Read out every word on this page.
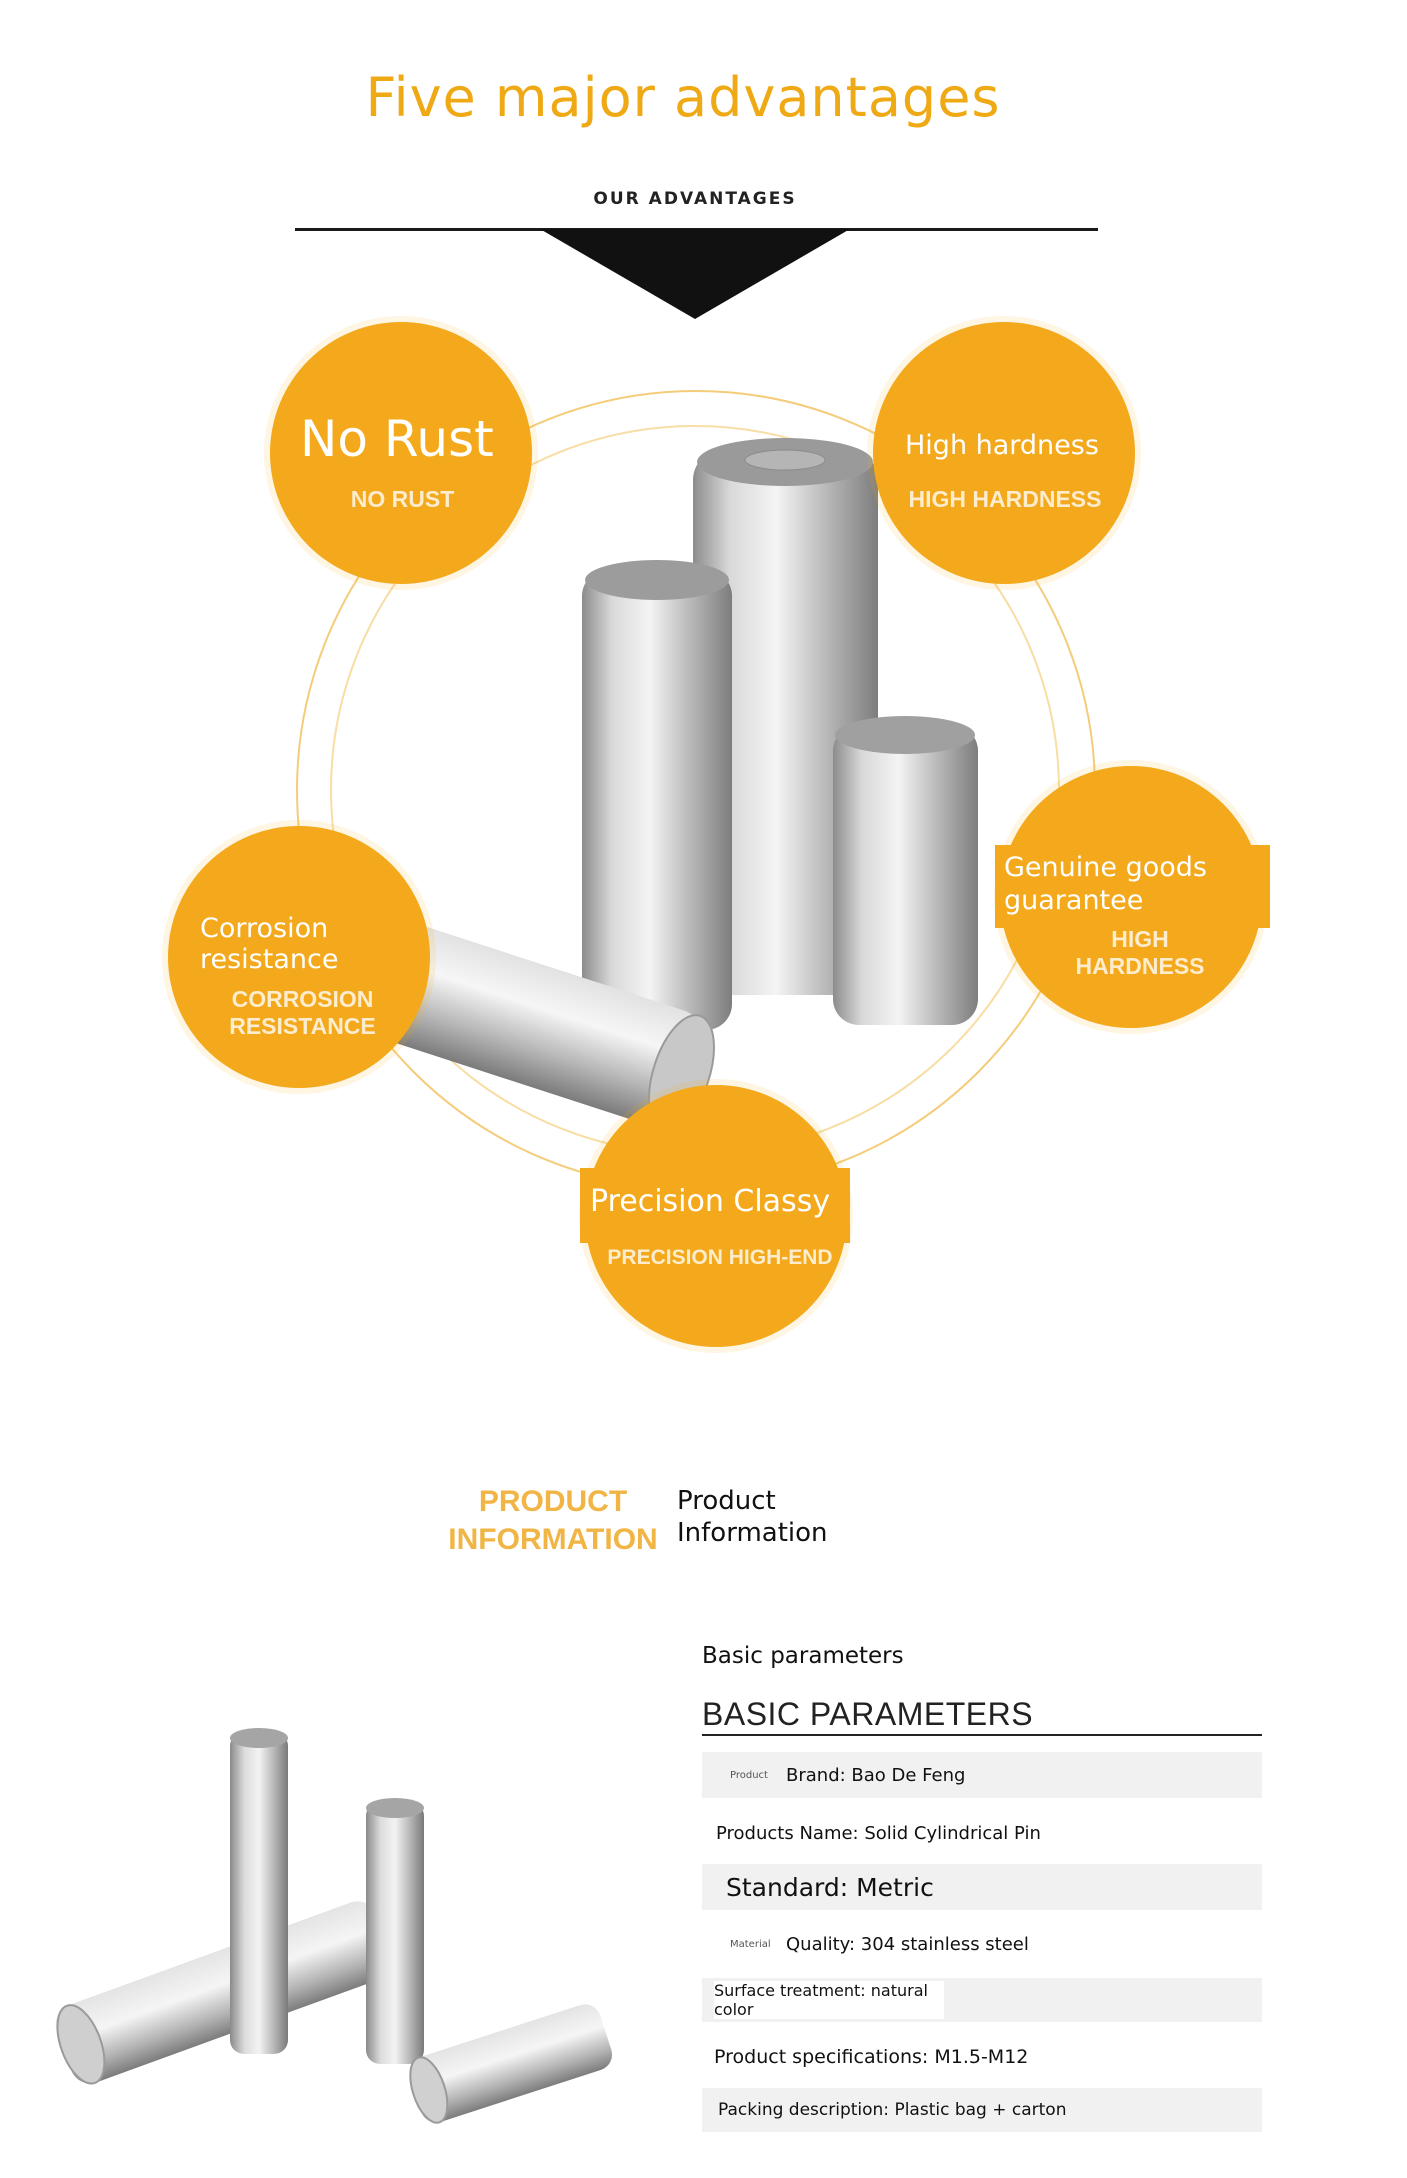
Five major advantages
OUR ADVANTAGES
No Rust
NO RUST
High hardness
HIGH HARDNESS
Genuine goods guarantee
HIGH HARDNESS
Corrosion resistance
CORROSION RESISTANCE
Precision Classy
PRECISION HIGH-END
PRODUCT INFORMATION
Product Information
Basic parameters
BASIC PARAMETERS
Product Brand: Bao De Feng
Products Name: Solid Cylindrical Pin
Standard: Metric
Material Quality: 304 stainless steel
Surface treatment: natural color
Product specifications: M1.5-M12
Packing description: Plastic bag + carton
